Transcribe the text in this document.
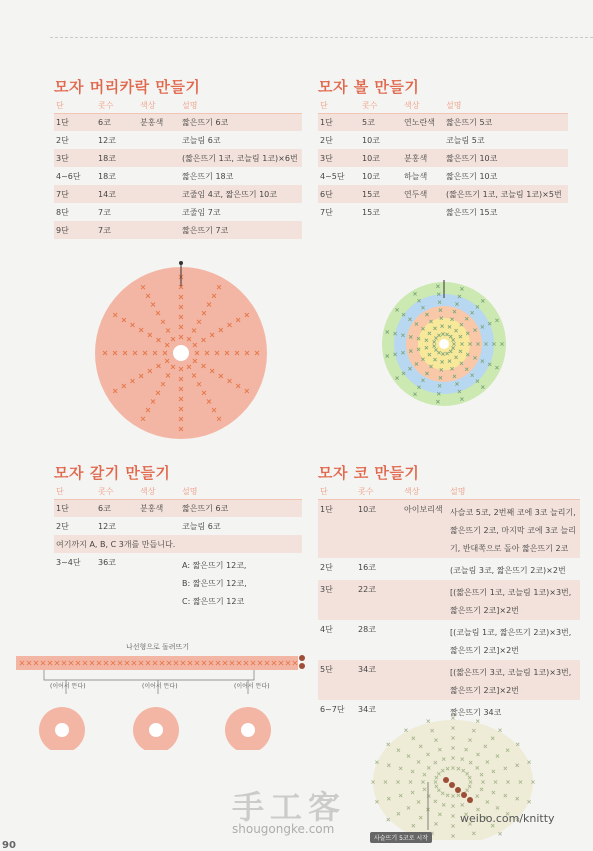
모자 머리카락 만들기
단	콧수	색상	설명
1단	6코	분홍색	짧은뜨기 6코
2단	12코		코늘림 6코
3단	18코		(짧은뜨기 1코, 코늘림 1코)×6번
4~6단	18코		짧은뜨기 18코
7단	14코		코줄임 4코, 짧은뜨기 10코
8단	7코		코줄임 7코
9단	7코		짧은뜨기 7코
모자 볼 만들기
단	콧수	색상	설명
1단	5코	연노란색	짧은뜨기 5코
2단	10코		코늘림 5코
3단	10코	분홍색	짧은뜨기 10코
4~5단	10코	하늘색	짧은뜨기 10코
6단	15코	연두색	(짧은뜨기 1코, 코늘림 1코)×5번
7단	15코		짧은뜨기 15코
모자 갈기 만들기
단	콧수	색상	설명
1단	6코	분홍색	짧은뜨기 6코
2단	12코		코늘림 6코
여기까지 A, B, C 3개를 만듭니다.			
3~4단	36코		A: 짧은뜨기 12코,
B: 짧은뜨기 12코,
C: 짧은뜨기 12코
나선형으로 돌려뜨기
(이어서 뜬다)	(이어서 뜬다)	(이어서 뜬다)
모자 코 만들기
단	콧수	색상	설명
1단	10코	아이보리색	사슬코 5코, 2번째 코에 3코 늘리기,
짧은뜨기 2코, 마지막 코에 3코 늘리
기, 반대쪽으로 돌아 짧은뜨기 2코

2단	16코		(코늘림 3코, 짧은뜨기 2코)×2번

3단	22코		[(짧은뜨기 1코, 코늘림 1코)×3번,
짧은뜨기 2코]×2번

4단	28코		[(코늘림 1코, 짧은뜨기 2코)×3번,
짧은뜨기 2코]×2번

5단	34코		[(짧은뜨기 3코, 코늘림 1코)×3번,
짧은뜨기 2코]×2번

6~7단	34코		짧은뜨기 34코
사슬뜨기 5코로 시작
手工客
shougongke.com
weibo.com/knitty
90
